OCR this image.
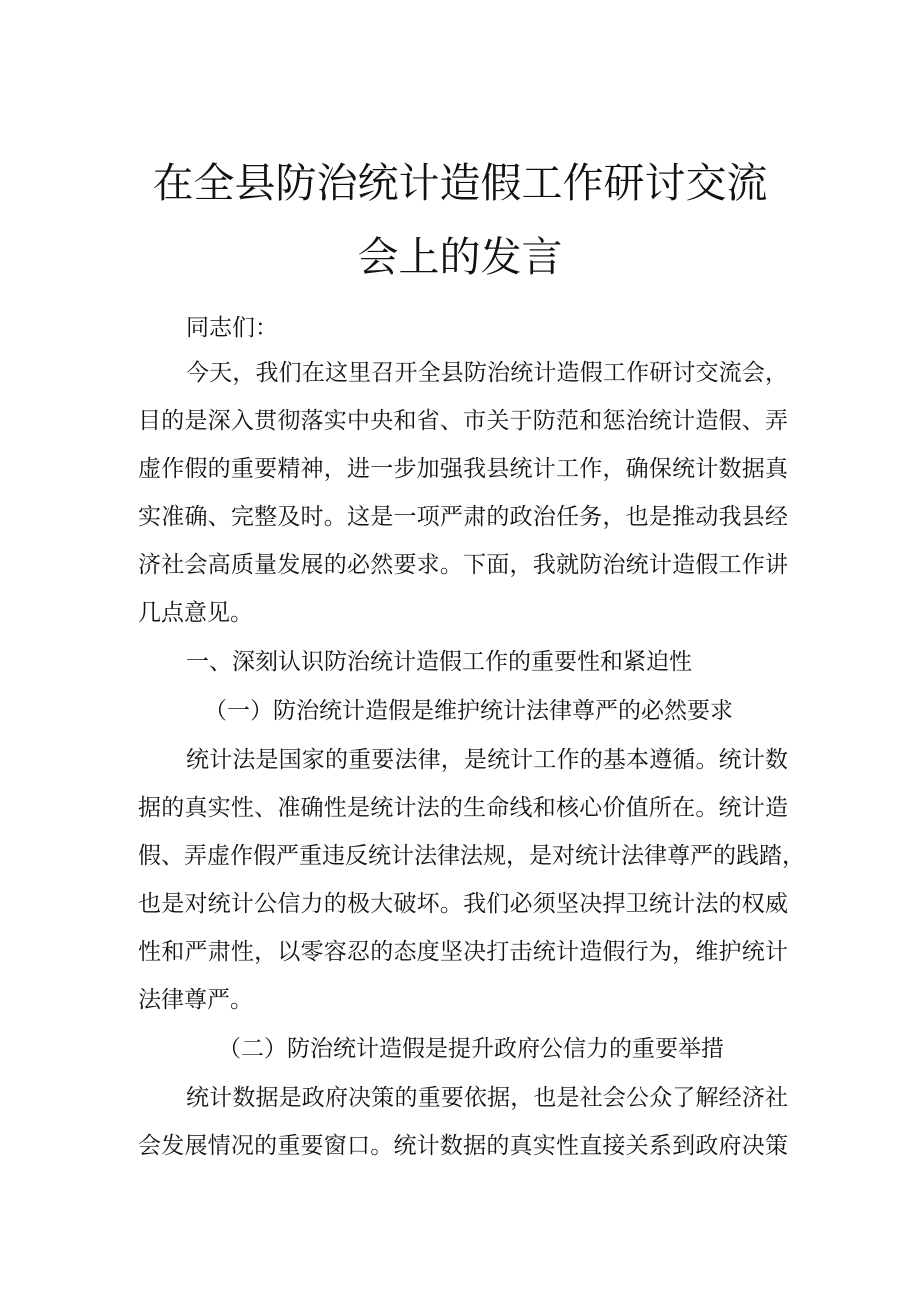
在全县防治统计造假工作研讨交流
会上的发言

同志们：

今天，我们在这里召开全县防治统计造假工作研讨交流会，

目的是深入贯彻落实中央和省、市关于防范和惩治统计造假、弄

虚作假的重要精神，进一步加强我县统计工作，确保统计数据真

实准确、完整及时。这是一项严肃的政治任务，也是推动我县经

济社会高质量发展的必然要求。下面，我就防治统计造假工作讲

几点意见。

一、深刻认识防治统计造假工作的重要性和紧迫性

（一）防治统计造假是维护统计法律尊严的必然要求

统计法是国家的重要法律，是统计工作的基本遵循。统计数

据的真实性、准确性是统计法的生命线和核心价值所在。统计造

假、弄虚作假严重违反统计法律法规，是对统计法律尊严的践踏，

也是对统计公信力的极大破坏。我们必须坚决捍卫统计法的权威

性和严肃性，以零容忍的态度坚决打击统计造假行为，维护统计

法律尊严。

（二）防治统计造假是提升政府公信力的重要举措

统计数据是政府决策的重要依据，也是社会公众了解经济社

会发展情况的重要窗口。统计数据的真实性直接关系到政府决策
